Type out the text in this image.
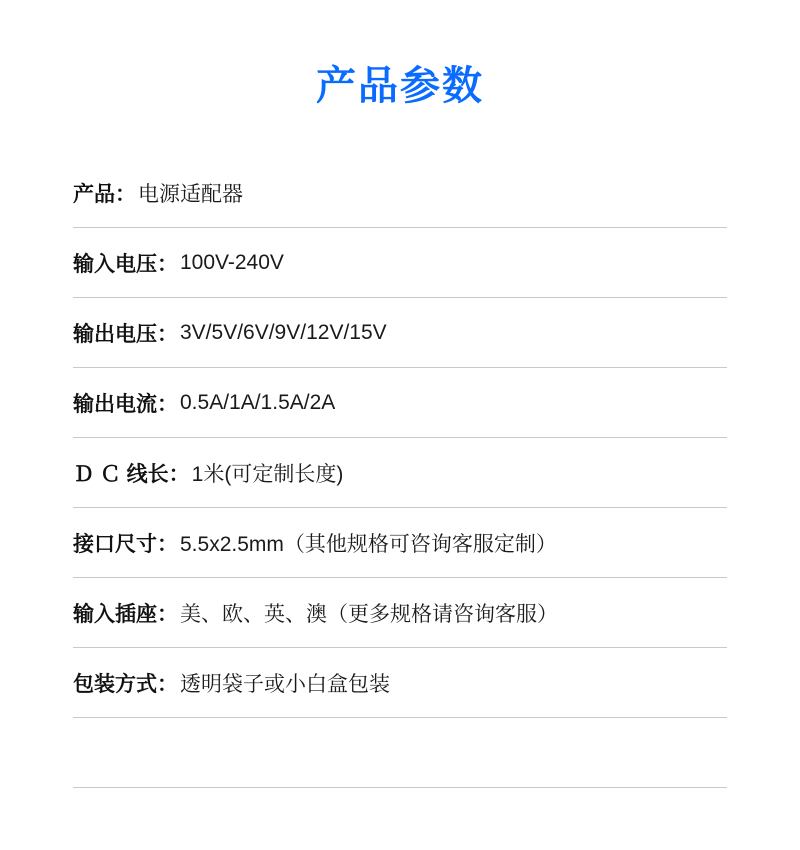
产品参数
产品： 电源适配器
输入电压： 100V-240V
输出电压： 3V/5V/6V/9V/12V/15V
输出电流： 0.5A/1A/1.5A/2A
Ｄ Ｃ 线长： 1米(可定制长度)
接口尺寸： 5.5x2.5mm（其他规格可咨询客服定制）
输入插座： 美、欧、英、澳（更多规格请咨询客服）
包装方式： 透明袋子或小白盒包装
